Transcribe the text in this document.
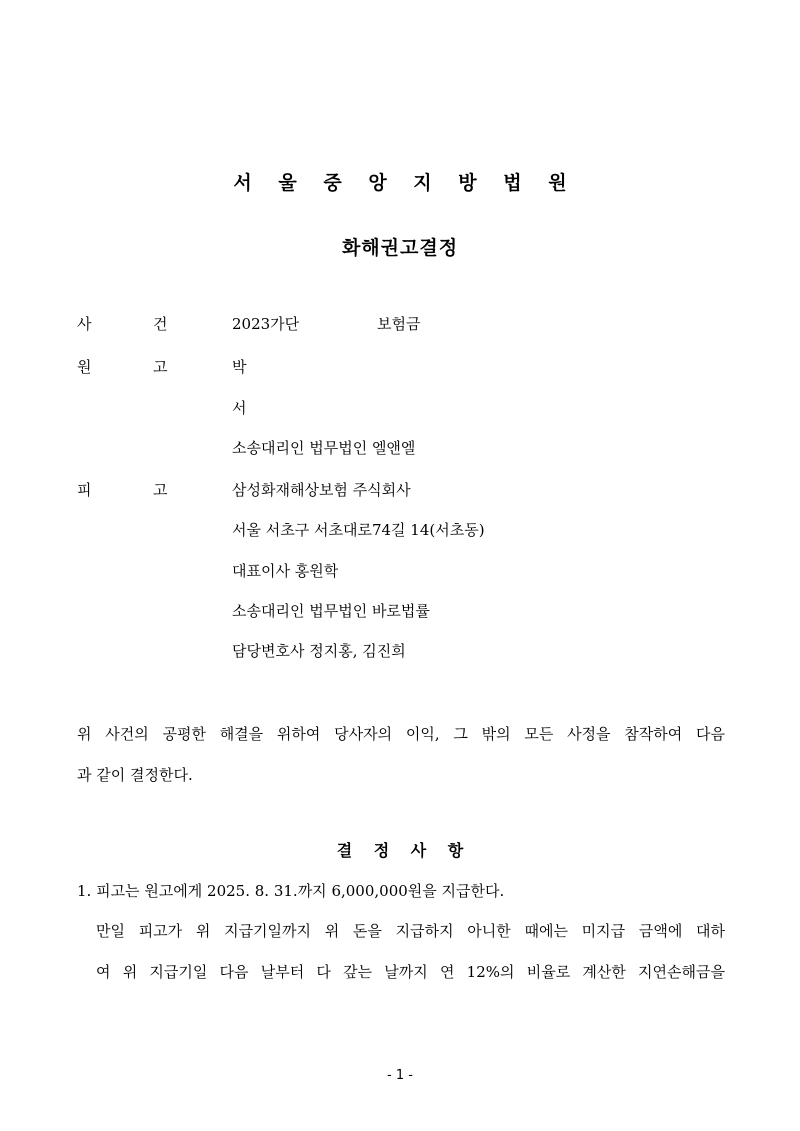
서 울 중 앙 지 방 법 원
화해권고결정
사	건	2023가단	보험금
원	고	박
서
소송대리인 법무법인 엘앤엘
피	고	삼성화재해상보험 주식회사
서울 서초구 서초대로74길 14(서초동)
대표이사 홍원학
소송대리인 법무법인 바로법률
담당변호사 정지홍, 김진희
위 사건의 공평한 해결을 위하여 당사자의 이익, 그 밖의 모든 사정을 참작하여 다음
과 같이 결정한다.
결 정 사 항
1. 피고는 원고에게 2025. 8. 31.까지 6,000,000원을 지급한다.
만일 피고가 위 지급기일까지 위 돈을 지급하지 아니한 때에는 미지급 금액에 대하
여 위 지급기일 다음 날부터 다 갚는 날까지 연 12%의 비율로 계산한 지연손해금을
- 1 -
